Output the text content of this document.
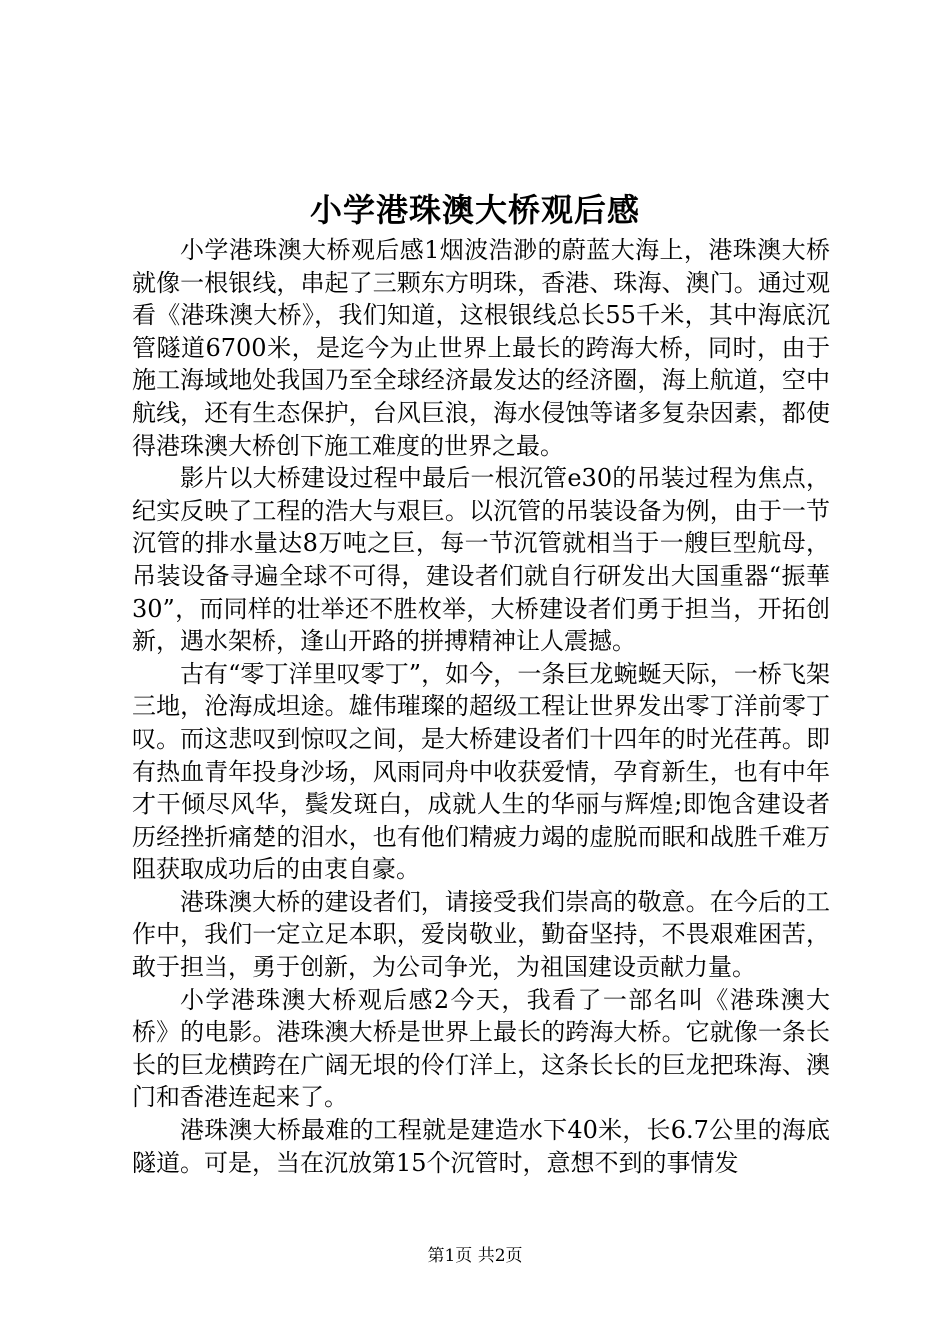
小学港珠澳大桥观后感

小学港珠澳大桥观后感1烟波浩渺的蔚蓝大海上，港珠澳大桥就像一根银线，串起了三颗东方明珠，香港、珠海、澳门。通过观看《港珠澳大桥》，我们知道，这根银线总长55千米，其中海底沉管隧道6700米，是迄今为止世界上最长的跨海大桥，同时，由于施工海域地处我国乃至全球经济最发达的经济圈，海上航道，空中航线，还有生态保护，台风巨浪，海水侵蚀等诸多复杂因素，都使得港珠澳大桥创下施工难度的世界之最。

影片以大桥建设过程中最后一根沉管e30的吊装过程为焦点，纪实反映了工程的浩大与艰巨。以沉管的吊装设备为例，由于一节沉管的排水量达8万吨之巨，每一节沉管就相当于一艘巨型航母，吊装设备寻遍全球不可得，建设者们就自行研发出大国重器“振華30”，而同样的壮举还不胜枚举，大桥建设者们勇于担当，开拓创新，遇水架桥，逢山开路的拼搏精神让人震撼。

古有“零丁洋里叹零丁”，如今，一条巨龙蜿蜒天际，一桥飞架三地，沧海成坦途。雄伟璀璨的超级工程让世界发出零丁洋前零丁叹。而这悲叹到惊叹之间，是大桥建设者们十四年的时光荏苒。即有热血青年投身沙场，风雨同舟中收获爱情，孕育新生，也有中年才干倾尽风华，鬓发斑白，成就人生的华丽与辉煌;即饱含建设者历经挫折痛楚的泪水，也有他们精疲力竭的虚脱而眠和战胜千难万阻获取成功后的由衷自豪。

港珠澳大桥的建设者们，请接受我们崇高的敬意。在今后的工作中，我们一定立足本职，爱岗敬业，勤奋坚持，不畏艰难困苦，敢于担当，勇于创新，为公司争光，为祖国建设贡献力量。

小学港珠澳大桥观后感2今天，我看了一部名叫《港珠澳大桥》的电影。港珠澳大桥是世界上最长的跨海大桥。它就像一条长长的巨龙横跨在广阔无垠的伶仃洋上，这条长长的巨龙把珠海、澳门和香港连起来了。

港珠澳大桥最难的工程就是建造水下40米，长6.7公里的海底隧道。可是，当在沉放第15个沉管时，意想不到的事情发

第1页 共2页
